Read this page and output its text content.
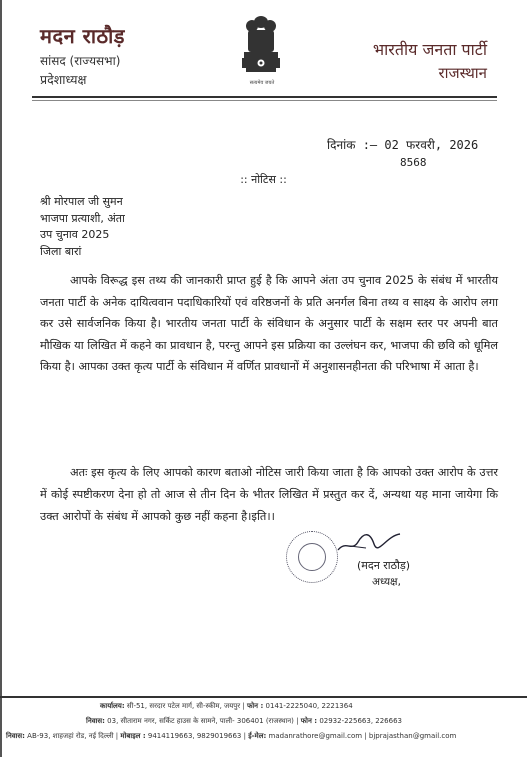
मदन राठौड़
सांसद (राज्यसभा)
प्रदेशाध्यक्ष	सत्यमेव जयते
भारतीय जनता पार्टी
राजस्थान
दिनांक :– 02 फरवरी, 2026
8568
:: नोटिस ::
श्री मोरपाल जी सुमन
भाजपा प्रत्याशी, अंता
उप चुनाव 2025
जिला बारां
आपके विरूद्ध इस तथ्य की जानकारी प्राप्त हुई है कि आपने अंता उप चुनाव 2025 के संबंध में भारतीय जनता पार्टी के अनेक दायित्ववान पदाधिकारियों एवं वरिष्ठजनों के प्रति अनर्गल बिना तथ्य व साक्ष्य के आरोप लगा कर उसे सार्वजनिक किया है। भारतीय जनता पार्टी के संविधान के अनुसार पार्टी के सक्षम स्तर पर अपनी बात मौखिक या लिखित में कहने का प्रावधान है, परन्तु आपने इस प्रक्रिया का उल्लंघन कर, भाजपा की छवि को धूमिल किया है। आपका उक्त कृत्य पार्टी के संविधान में वर्णित प्रावधानों में अनुशासनहीनता की परिभाषा में आता है।
अतः इस कृत्य के लिए आपको कारण बताओ नोटिस जारी किया जाता है कि आपको उक्त आरोप के उत्तर में कोई स्पष्टीकरण देना हो तो आज से तीन दिन के भीतर लिखित में प्रस्तुत कर दें, अन्यथा यह माना जायेगा कि उक्त आरोपों के संबंध में आपको कुछ नहीं कहना है।इति।।
(मदन राठौड़)
अध्यक्ष,
कार्यालय: सी-51, सरदार पटेल मार्ग, सी-स्कीम, जयपुर | फोन : 0141-2225040, 2221364
निवास: 03, सीताराम नगर, सर्किट हाउस के सामने, पाली- 306401 (राजस्थान) | फोन : 02932-225663, 226663
निवास: AB-93, शाहजहां रोड, नई दिल्ली | मोबाइल : 9414119663, 9829019663 | ई-मेल: madanrathore@gmail.com | bjprajasthan@gmail.com
